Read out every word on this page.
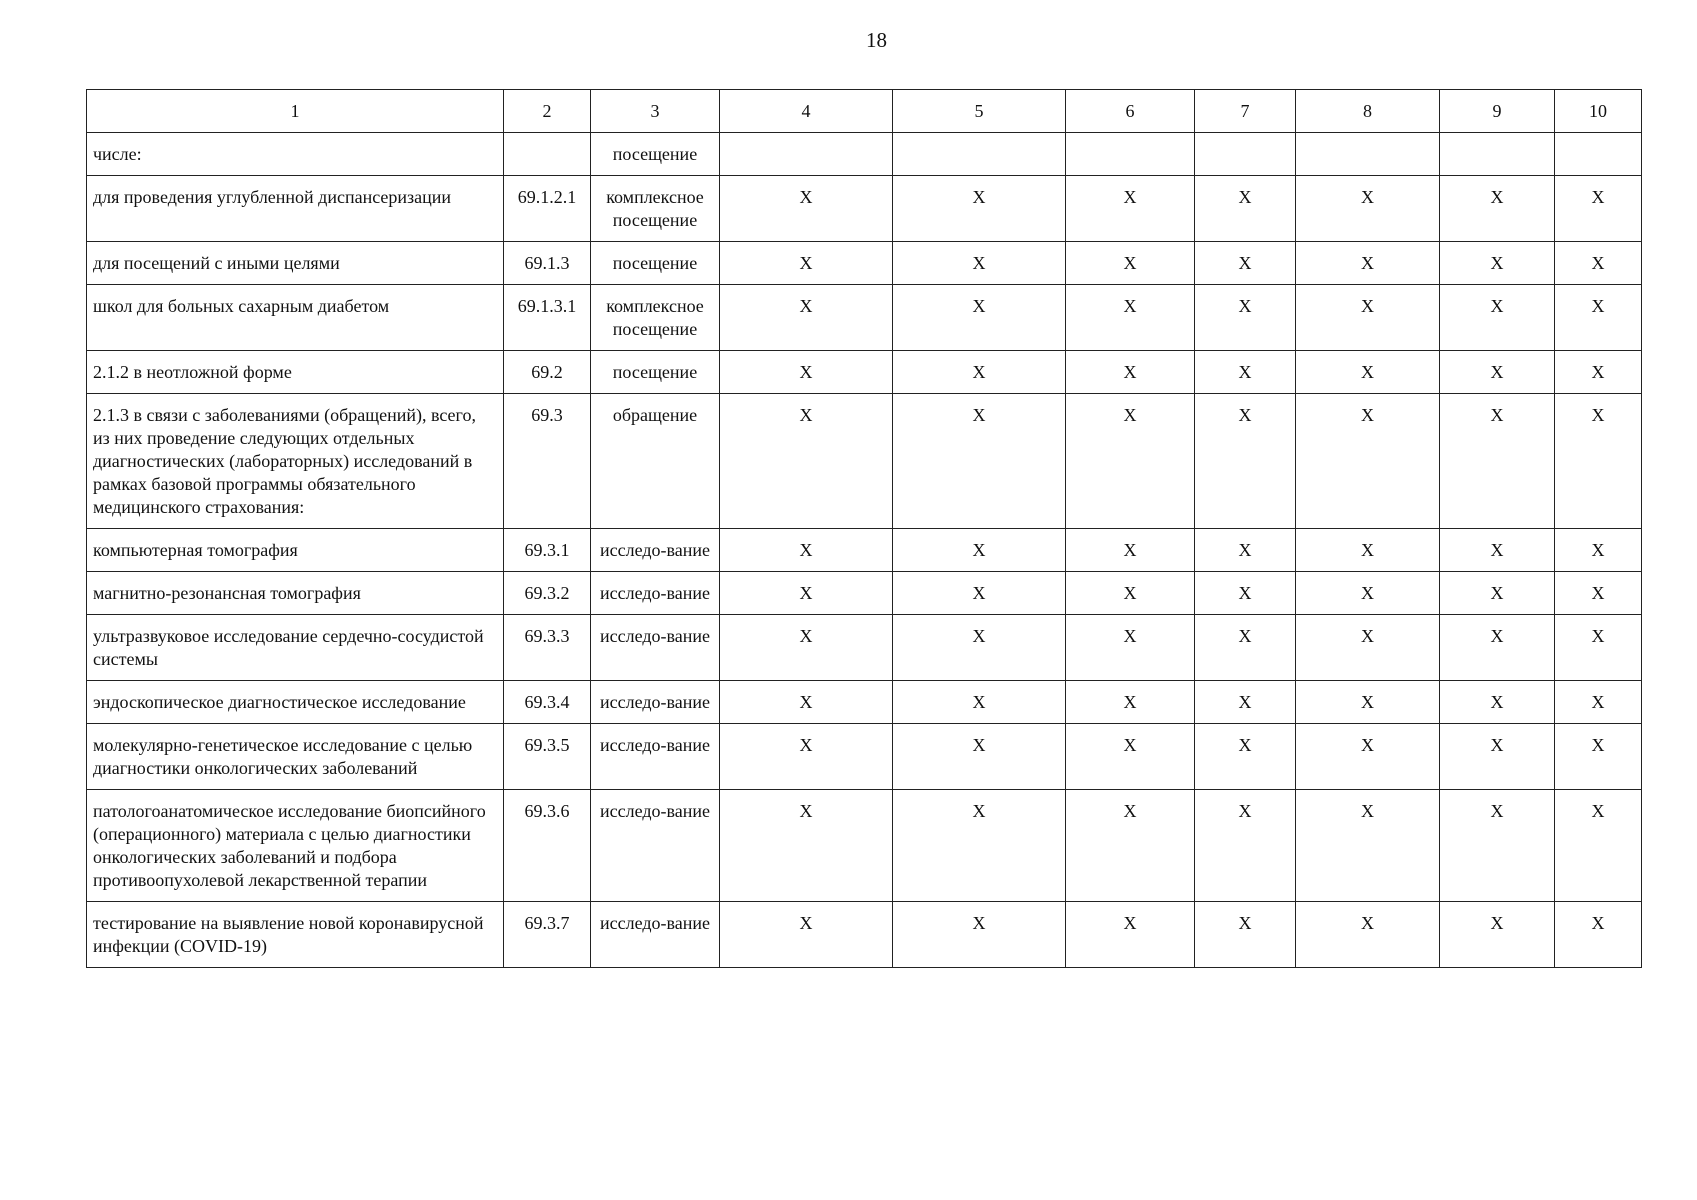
18
1	2	3	4	5	6	7	8	9	10
числе:		посещение							
для проведения углубленной диспансеризации	69.1.2.1	комплексное посещение	X	X	X	X	X	X	X
для посещений с иными целями	69.1.3	посещение	X	X	X	X	X	X	X
школ для больных сахарным диабетом	69.1.3.1	комплексное посещение	X	X	X	X	X	X	X
2.1.2 в неотложной форме	69.2	посещение	X	X	X	X	X	X	X
2.1.3 в связи с заболеваниями (обращений), всего, из них проведение следующих отдельных диагностических (лабораторных) исследований в рамках базовой программы обязательного медицинского страхования:	69.3	обращение	X	X	X	X	X	X	X
компьютерная томография	69.3.1	исследо-вание	X	X	X	X	X	X	X
магнитно-резонансная томография	69.3.2	исследо-вание	X	X	X	X	X	X	X
ультразвуковое исследование сердечно-сосудистой системы	69.3.3	исследо-вание	X	X	X	X	X	X	X
эндоскопическое диагностическое исследование	69.3.4	исследо-вание	X	X	X	X	X	X	X
молекулярно-генетическое исследование с целью диагностики онкологических заболеваний	69.3.5	исследо-вание	X	X	X	X	X	X	X
патологоанатомическое исследование биопсийного (операционного) материала с целью диагностики онкологических заболеваний и подбора противоопухолевой лекарственной терапии	69.3.6	исследо-вание	X	X	X	X	X	X	X
тестирование на выявление новой коронавирусной инфекции (COVID-19)	69.3.7	исследо-вание	X	X	X	X	X	X	X
